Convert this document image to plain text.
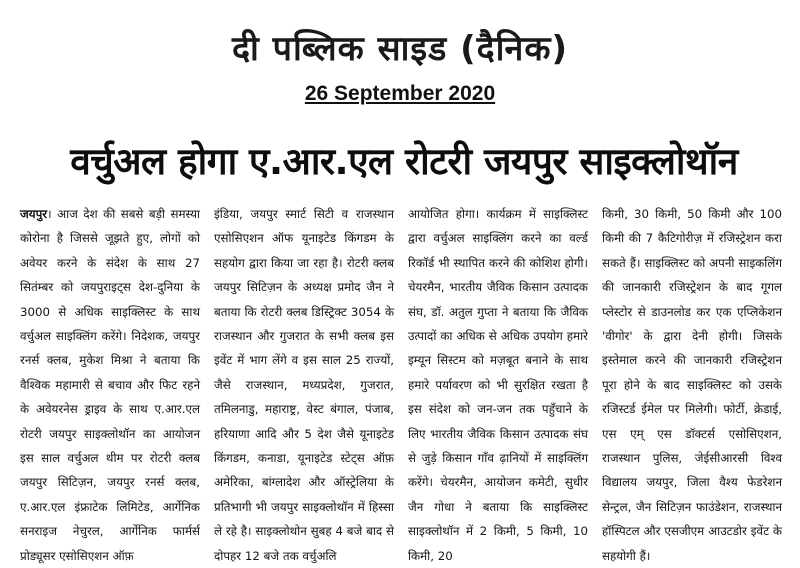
दी पब्लिक साइड (दैनिक)
26 September 2020
वर्चुअल होगा ए.आर.एल रोटरी जयपुर साइक्लोथॉन
जयपुर। आज देश की सबसे बड़ी समस्या कोरोना है जिससे जूझते हुए, लोगों को अवेयर करने के संदेश के साथ 27 सितंम्बर को जयपुराइट्स देश-दुनिया के 3000 से अधिक साइक्लिस्ट के साथ वर्चुअल साइक्लिंग करेंगे। निदेशक, जयपुर रनर्स क्लब, मुकेश मिश्रा ने बताया कि वैश्विक महामारी से बचाव और फिट रहने के अवेयरनेस ड्राइव के साथ ए.आर.एल रोटरी जयपुर साइक्लोथॉन का आयोजन इस साल वर्चुअल थीम पर रोटरी क्लब जयपुर सिटिज़न, जयपुर रनर्स क्लब, ए.आर.एल इंफ्राटेक लिमिटेड, आर्गेनिक सनराइज नेचुरल, आर्गेनिक फार्मर्स प्रोड्यूसर एसोसिएशन ऑफ़
इंडिया, जयपुर स्मार्ट सिटी व राजस्थान एसोसिएशन ऑफ यूनाइटेड किंगडम के सहयोग द्वारा किया जा रहा है। रोटरी क्लब जयपुर सिटिज़न के अध्यक्ष प्रमोद जैन ने बताया कि रोटरी क्लब डिस्ट्रिक्ट 3054 के राजस्थान और गुजरात के सभी क्लब इस इवेंट में भाग लेंगे व इस साल 25 राज्यों, जैसे राजस्थान, मध्यप्रदेश, गुजरात, तमिलनाडु, महाराष्ट्र, वेस्ट बंगाल, पंजाब, हरियाणा आदि और 5 देश जैसे यूनाइटेड किंगडम, कनाडा, यूनाइटेड स्टेट्स ऑफ़ अमेरिका, बांग्लादेश और ऑस्ट्रेलिया के प्रतिभागी भी जयपुर साइक्लोथॉन में हिस्सा ले रहे है। साइक्लोथोन सुबह 4 बजे बाद से दोपहर 12 बजे तक वर्चुअलि
आयोजित होगा। कार्यक्रम में साइक्लिस्ट द्वारा वर्चुअल साइक्लिंग करने का वर्ल्ड रिकॉर्ड भी स्थापित करने की कोशिश होगी। चेयरमैन, भारतीय जैविक किसान उत्पादक संघ, डॉ. अतुल गुप्ता ने बताया कि जैविक उत्पादों का अधिक से अधिक उपयोग हमारे इम्यून सिस्टम को मज़बूत बनाने के साथ हमारे पर्यावरण को भी सुरक्षित रखता है इस संदेश को जन-जन तक पहुँचाने के लिए भारतीय जैविक किसान उत्पादक संघ से जुड़े किसान गाँव ढ़ानियों में साइक्लिंग करेंगे। चेयरमैन, आयोजन कमेटी, सुधीर जैन गोधा ने बताया कि साइक्लिस्ट साइक्लोथॉन में 2 किमी, 5 किमी, 10 किमी, 20
किमी, 30 किमी, 50 किमी और 100 किमी की 7 कैटिगोरीज़ में रजिस्ट्रेशन करा सकते हैं। साइक्लिस्ट को अपनी साइकलिंग की जानकारी रजिस्ट्रेशन के बाद गूगल प्लेस्टोर से डाउनलोड कर एक एप्लिकेशन 'वीगोर' के द्वारा देनी होगी। जिसके इस्तेमाल करने की जानकारी रजिस्ट्रेशन पूरा होने के बाद साइक्लिस्ट को उसके रजिस्टर्ड ईमेल पर मिलेगी। फोर्टी, क्रेडाई, एस एम् एस डॉक्टर्स एसोसिएशन, राजस्थान पुलिस, जेईसीआरसी विश्व विद्यालय जयपुर, जिला वैश्य फेडरेशन सेन्ट्रल, जैन सिटिज़न फाउंडेशन, राजस्थान हॉस्पिटल और एसजीएम आउटडोर इवेंट के सहयोगी हैं।
